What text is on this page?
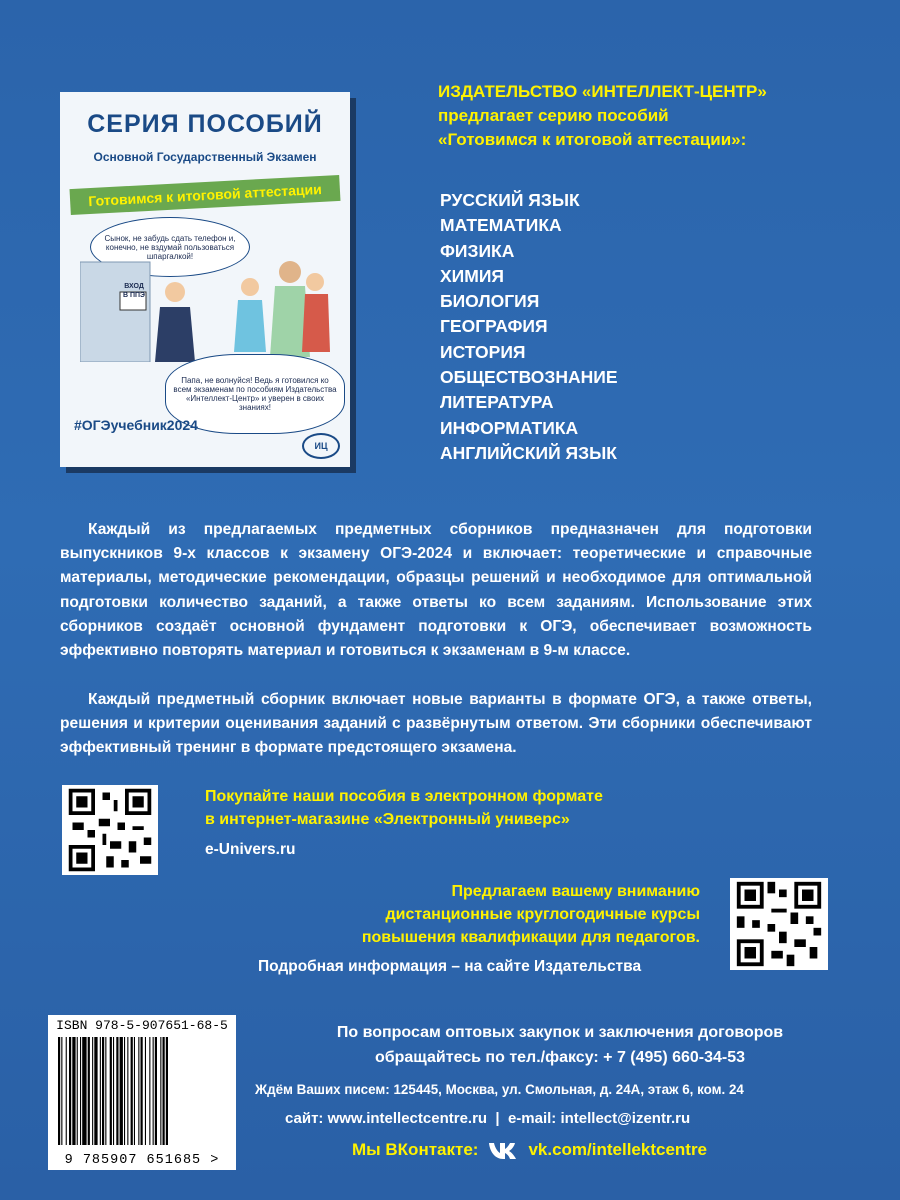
СЕРИЯ ПОСОБИЙ
Основной Государственный Экзамен
Готовимся к итоговой аттестации
Сынок, не забудь сдать телефон и, конечно, не вздумай пользоваться шпаргалкой!
ВХОД В ППЭ
Папа, не волнуйся! Ведь я готовился ко всем экзаменам по пособиям Издательства «Интеллект-Центр» и уверен в своих знаниях!
#ОГЭучебник2024
ИЦ
ИЗДАТЕЛЬСТВО «ИНТЕЛЛЕКТ-ЦЕНТР»
предлагает серию пособий
«Готовимся к итоговой аттестации»:
РУССКИЙ ЯЗЫК
МАТЕМАТИКА
ФИЗИКА
ХИМИЯ
БИОЛОГИЯ
ГЕОГРАФИЯ
ИСТОРИЯ
ОБЩЕСТВОЗНАНИЕ
ЛИТЕРАТУРА
ИНФОРМАТИКА
АНГЛИЙСКИЙ ЯЗЫК

Каждый из предлагаемых предметных сборников предназначен для подготовки выпускников 9-х классов к экзамену ОГЭ-2024 и включает: теоретические и справочные материалы, методические рекомендации, образцы решений и необходимое для оптимальной подготовки количество заданий, а также ответы ко всем заданиям. Использование этих сборников создаёт основной фундамент подготовки к ОГЭ, обеспечивает возможность эффективно повторять материал и готовиться к экзаменам в 9-м классе.

Каждый предметный сборник включает новые варианты в формате ОГЭ, а также ответы, решения и критерии оценивания заданий с развёрнутым ответом. Эти сборники обеспечивают эффективный тренинг в формате предстоящего экзамена.

Покупайте наши пособия в электронном формате
в интернет-магазине «Электронный универс»
e-Univers.ru
Предлагаем вашему вниманию
дистанционные круглогодичные курсы
повышения квалификации для педагогов.
Подробная информация – на сайте Издательства
ISBN 978-5-907651-68-5
9 785907 651685 >
По вопросам оптовых закупок и заключения договоров
обращайтесь по тел./факсу: + 7 (495) 660-34-53
Ждём Ваших писем: 125445, Москва, ул. Смольная, д. 24А, этаж 6, ком. 24
сайт: www.intellectcentre.ru  |  e-mail: intellect@izentr.ru
Мы ВКонтакте:	vk.com/intellektcentre
